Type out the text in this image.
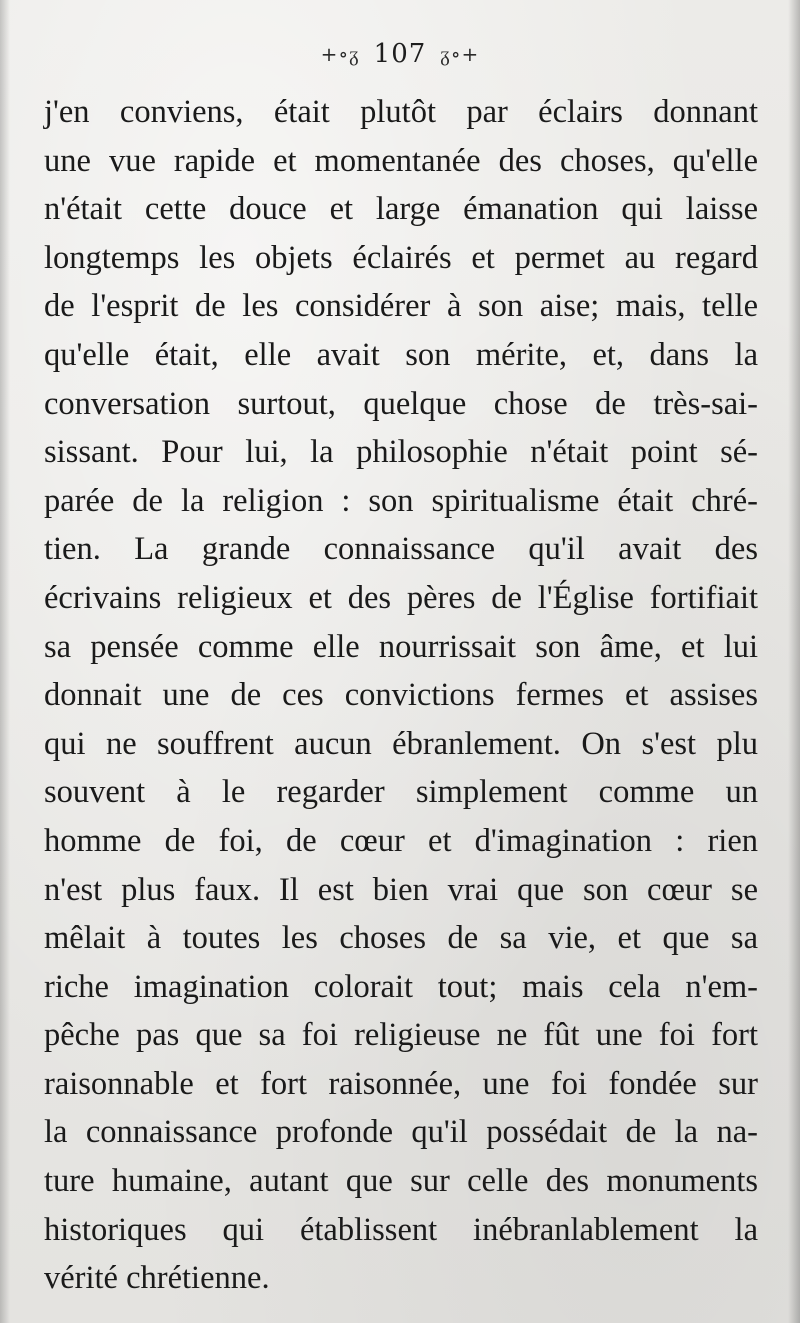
+∘ᵹ 107 ᵹ∘+
j'en conviens, était plutôt par éclairs donnant
une vue rapide et momentanée des choses, qu'elle
n'était cette douce et large émanation qui laisse
longtemps les objets éclairés et permet au regard
de l'esprit de les considérer à son aise; mais, telle
qu'elle était, elle avait son mérite, et, dans la
conversation surtout, quelque chose de très-sai-
sissant. Pour lui, la philosophie n'était point sé-
parée de la religion : son spiritualisme était chré-
tien. La grande connaissance qu'il avait des
écrivains religieux et des pères de l'Église fortifiait
sa pensée comme elle nourrissait son âme, et lui
donnait une de ces convictions fermes et assises
qui ne souffrent aucun ébranlement. On s'est plu
souvent à le regarder simplement comme un
homme de foi, de cœur et d'imagination : rien
n'est plus faux. Il est bien vrai que son cœur se
mêlait à toutes les choses de sa vie, et que sa
riche imagination colorait tout; mais cela n'em-
pêche pas que sa foi religieuse ne fût une foi fort
raisonnable et fort raisonnée, une foi fondée sur
la connaissance profonde qu'il possédait de la na-
ture humaine, autant que sur celle des monuments
historiques qui établissent inébranlablement la
vérité chrétienne.
